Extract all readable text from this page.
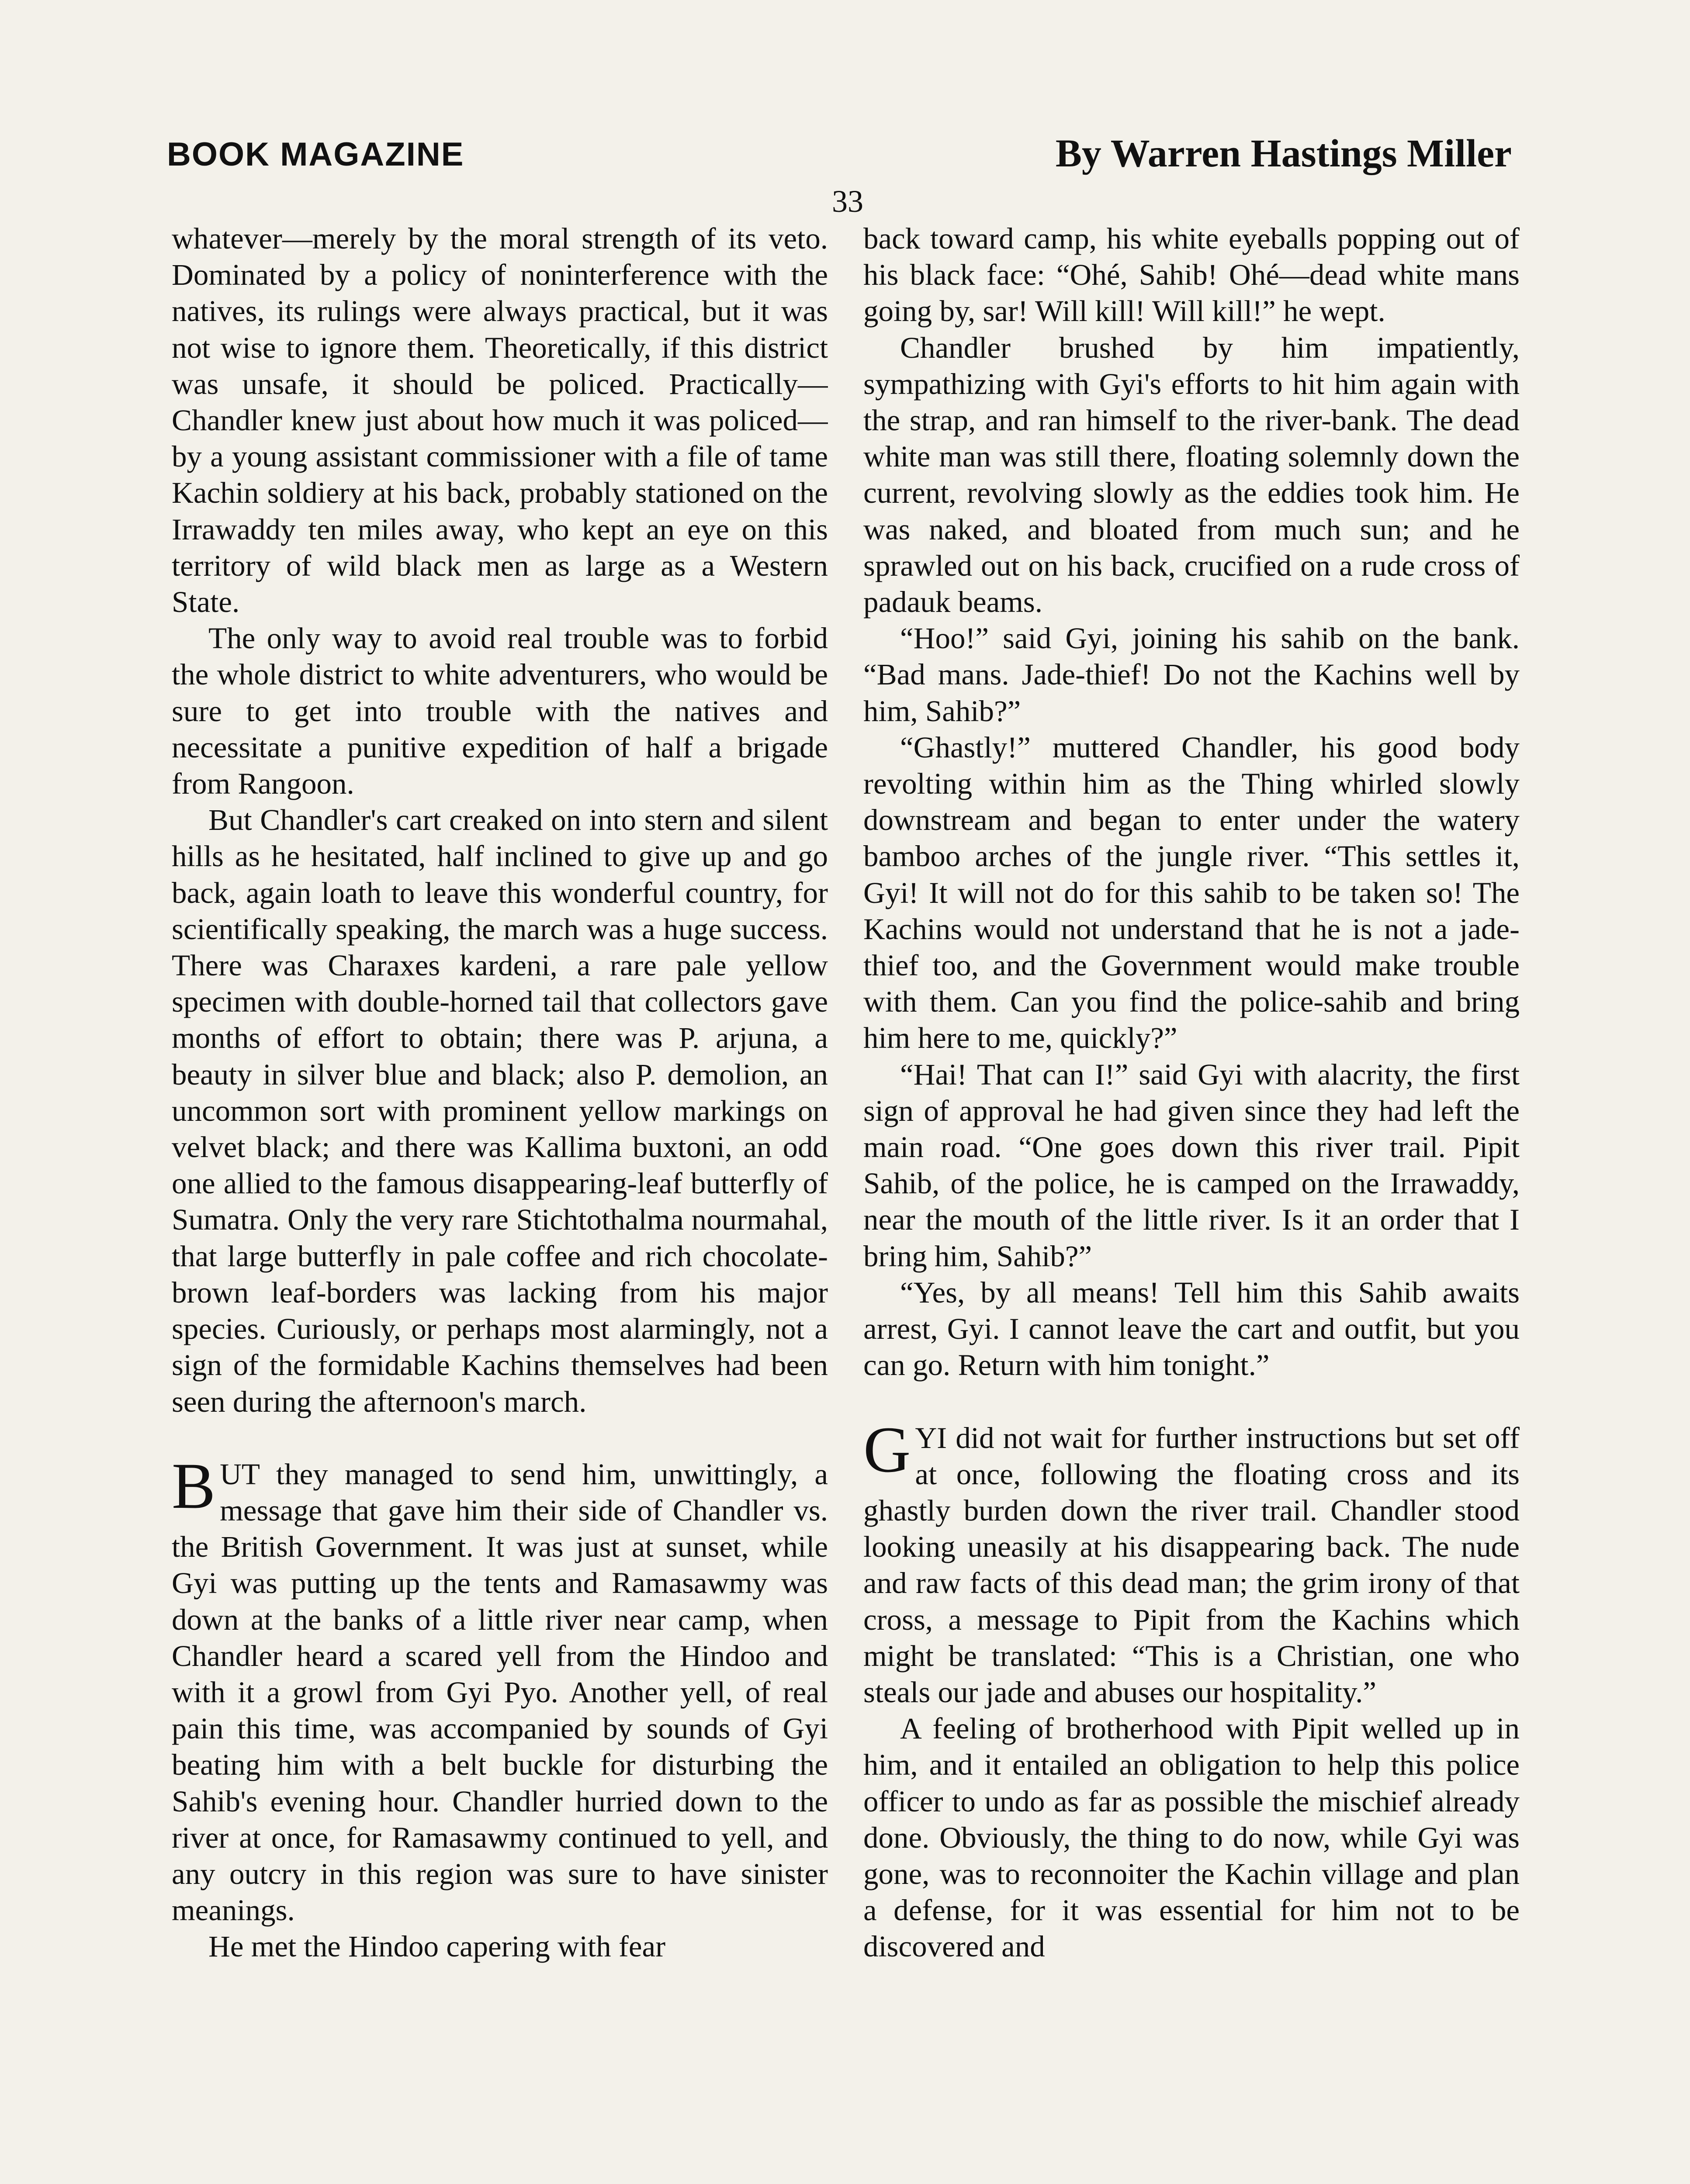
BOOK MAGAZINE	By Warren Hastings Miller
33

whatever—merely by the moral strength of its veto. Dominated by a policy of noninterference with the natives, its rulings were always practical, but it was not wise to ignore them. Theoretically, if this district was unsafe, it should be policed. Practically—Chandler knew just about how much it was policed—by a young assistant commissioner with a file of tame Kachin soldiery at his back, probably stationed on the Irrawaddy ten miles away, who kept an eye on this territory of wild black men as large as a Western State.

The only way to avoid real trouble was to forbid the whole district to white adventurers, who would be sure to get into trouble with the natives and necessitate a punitive expedition of half a brigade from Rangoon.

But Chandler's cart creaked on into stern and silent hills as he hesitated, half inclined to give up and go back, again loath to leave this wonderful country, for scientifically speaking, the march was a huge success. There was Charaxes kardeni, a rare pale yellow specimen with double-horned tail that collectors gave months of effort to obtain; there was P. arjuna, a beauty in silver blue and black; also P. demolion, an uncommon sort with prominent yellow markings on velvet black; and there was Kallima buxtoni, an odd one allied to the famous disappearing-leaf butterfly of Sumatra. Only the very rare Stichtothalma nourmahal, that large butterfly in pale coffee and rich chocolate-brown leaf-borders was lacking from his major species. Curiously, or perhaps most alarmingly, not a sign of the formidable Kachins themselves had been seen during the afternoon's march.

BUT they managed to send him, unwittingly, a message that gave him their side of Chandler vs. the British Government. It was just at sunset, while Gyi was putting up the tents and Ramasawmy was down at the banks of a little river near camp, when Chandler heard a scared yell from the Hindoo and with it a growl from Gyi Pyo. Another yell, of real pain this time, was accompanied by sounds of Gyi beating him with a belt buckle for disturbing the Sahib's evening hour. Chandler hurried down to the river at once, for Ramasawmy continued to yell, and any outcry in this region was sure to have sinister meanings.

He met the Hindoo capering with fear

back toward camp, his white eyeballs popping out of his black face: “Ohé, Sahib! Ohé—dead white mans going by, sar! Will kill! Will kill!” he wept.

Chandler brushed by him impatiently, sympathizing with Gyi's efforts to hit him again with the strap, and ran himself to the river-bank. The dead white man was still there, floating solemnly down the current, revolving slowly as the eddies took him. He was naked, and bloated from much sun; and he sprawled out on his back, crucified on a rude cross of padauk beams.

“Hoo!” said Gyi, joining his sahib on the bank. “Bad mans. Jade-thief! Do not the Kachins well by him, Sahib?”

“Ghastly!” muttered Chandler, his good body revolting within him as the Thing whirled slowly downstream and began to enter under the watery bamboo arches of the jungle river. “This settles it, Gyi! It will not do for this sahib to be taken so! The Kachins would not understand that he is not a jade-thief too, and the Government would make trouble with them. Can you find the police-sahib and bring him here to me, quickly?”

“Hai! That can I!” said Gyi with alacrity, the first sign of approval he had given since they had left the main road. “One goes down this river trail. Pipit Sahib, of the police, he is camped on the Irrawaddy, near the mouth of the little river. Is it an order that I bring him, Sahib?”

“Yes, by all means! Tell him this Sahib awaits arrest, Gyi. I cannot leave the cart and outfit, but you can go. Return with him tonight.”

GYI did not wait for further instructions but set off at once, following the floating cross and its ghastly burden down the river trail. Chandler stood looking uneasily at his disappearing back. The nude and raw facts of this dead man; the grim irony of that cross, a message to Pipit from the Kachins which might be translated: “This is a Christian, one who steals our jade and abuses our hospitality.”

A feeling of brotherhood with Pipit welled up in him, and it entailed an obligation to help this police officer to undo as far as possible the mischief already done. Obviously, the thing to do now, while Gyi was gone, was to reconnoiter the Kachin village and plan a defense, for it was essential for him not to be discovered and
